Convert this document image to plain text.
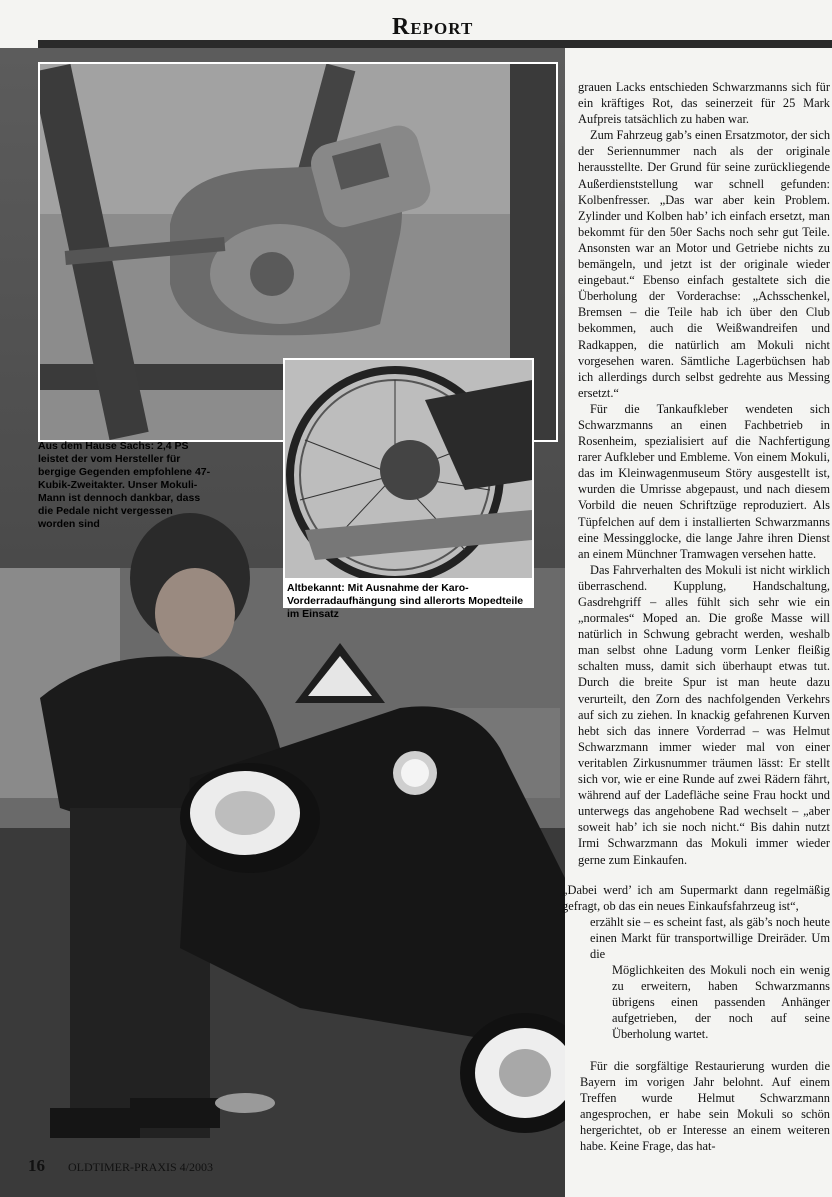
Report
Aus dem Hause Sachs: 2,4 PS leistet der vom Hersteller für bergige Gegenden empfohlene 47-Kubik-Zweitakter. Unser Mokuli-Mann ist dennoch dankbar, dass die Pedale nicht vergessen worden sind
Altbekannt: Mit Ausnahme der Karo-Vorderradaufhängung sind allerorts Mopedteile im Einsatz

grauen Lacks entschieden Schwarzmanns sich für ein kräftiges Rot, das seinerzeit für 25 Mark Aufpreis tatsächlich zu haben war.

Zum Fahrzeug gab’s einen Ersatzmotor, der sich der Seriennummer nach als der originale herausstellte. Der Grund für seine zurückliegende Außerdienststellung war schnell gefunden: Kolbenfresser. „Das war aber kein Problem. Zylinder und Kolben hab’ ich einfach ersetzt, man bekommt für den 50er Sachs noch sehr gut Teile. Ansonsten war an Motor und Getriebe nichts zu bemängeln, und jetzt ist der originale wieder eingebaut.“ Ebenso einfach gestaltete sich die Überholung der Vorderachse: „Achsschenkel, Bremsen – die Teile hab ich über den Club bekommen, auch die Weißwandreifen und Radkappen, die natürlich am Mokuli nicht vorgesehen waren. Sämtliche Lagerbüchsen hab ich allerdings durch selbst gedrehte aus Messing ersetzt.“

Für die Tankaufkleber wendeten sich Schwarzmanns an einen Fachbetrieb in Rosenheim, spezialisiert auf die Nachfertigung rarer Aufkleber und Embleme. Von einem Mokuli, das im Kleinwagenmuseum Störy ausgestellt ist, wurden die Umrisse abgepaust, und nach diesem Vorbild die neuen Schriftzüge reproduziert. Als Tüpfelchen auf dem i installierten Schwarzmanns eine Messingglocke, die lange Jahre ihren Dienst an einem Münchner Tramwagen versehen hatte.

Das Fahrverhalten des Mokuli ist nicht wirklich überraschend. Kupplung, Handschaltung, Gasdrehgriff – alles fühlt sich sehr wie ein „normales“ Moped an. Die große Masse will natürlich in Schwung gebracht werden, weshalb man selbst ohne Ladung vorm Lenker fleißig schalten muss, damit sich überhaupt etwas tut. Durch die breite Spur ist man heute dazu verurteilt, den Zorn des nachfolgenden Verkehrs auf sich zu ziehen. In knackig gefahrenen Kurven hebt sich das innere Vorderrad – was Helmut Schwarzmann immer wieder mal von einer veritablen Zirkusnummer träumen lässt: Er stellt sich vor, wie er eine Runde auf zwei Rädern fährt, während auf der Ladefläche seine Frau hockt und unterwegs das angehobene Rad wechselt – „aber soweit hab’ ich sie noch nicht.“ Bis dahin nutzt Irmi Schwarzmann das Mokuli immer wieder gerne zum Einkaufen.

„Dabei werd’ ich am Supermarkt dann regelmäßig gefragt, ob das ein neues Einkaufsfahrzeug ist“,
erzählt sie – es scheint fast, als gäb’s noch heute einen Markt für transportwillige Dreiräder. Um die
Möglichkeiten des Mokuli noch ein wenig zu erweitern, haben Schwarzmanns übrigens einen passenden Anhänger aufgetrieben, der noch auf seine Überholung wartet.
Für die sorgfältige Restaurierung wurden die Bayern im vorigen Jahr belohnt. Auf einem Treffen wurde Helmut Schwarzmann angesprochen, er habe sein Mokuli so schön hergerichtet, ob er Interesse an einem weiteren habe. Keine Frage, das hat-
16 OLDTIMER-PRAXIS 4/2003
